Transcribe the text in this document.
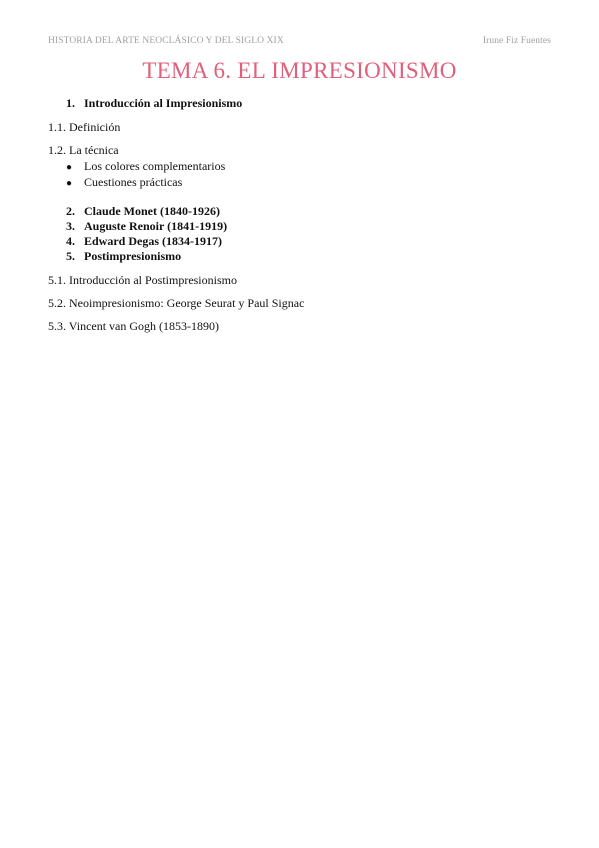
HISTORIA DEL ARTE NEOCLÁSICO Y DEL SIGLO XIX	Irune Fiz Fuentes
TEMA 6. EL IMPRESIONISMO
1. Introducción al Impresionismo
1.1. Definición
1.2. La técnica
● Los colores complementarios
● Cuestiones prácticas
2. Claude Monet (1840-1926)
3. Auguste Renoir (1841-1919)
4. Edward Degas (1834-1917)
5. Postimpresionismo
5.1. Introducción al Postimpresionismo
5.2. Neoimpresionismo: George Seurat y Paul Signac
5.3. Vincent van Gogh (1853-1890)
